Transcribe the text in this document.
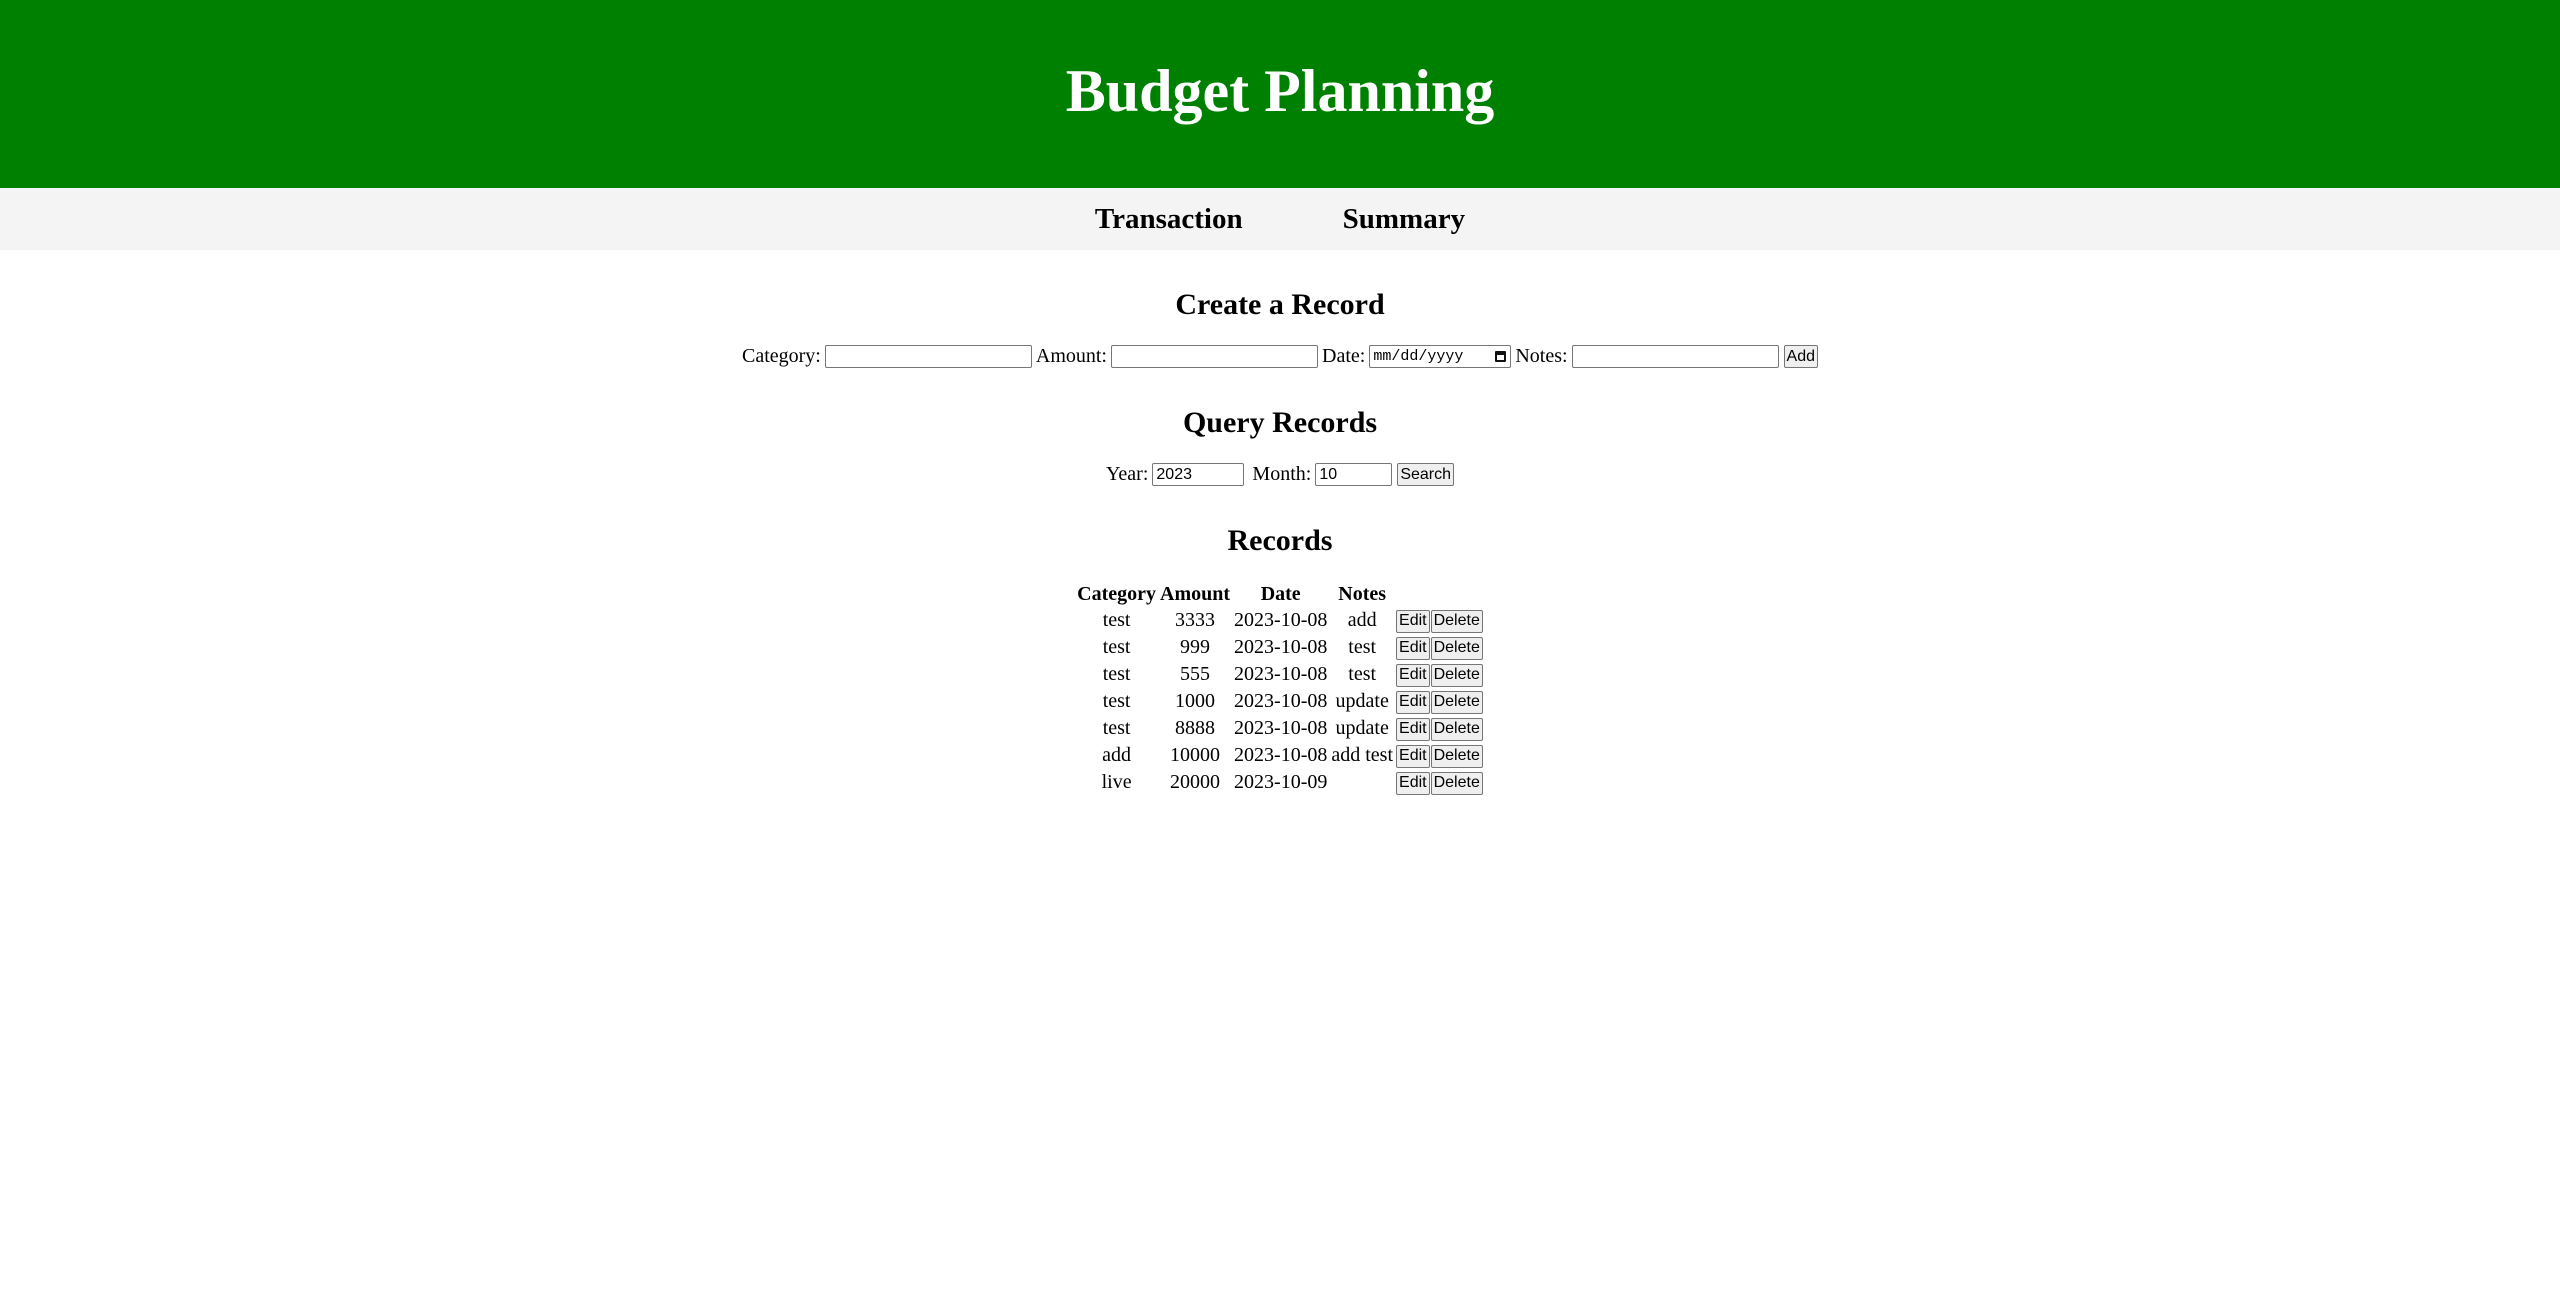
Budget Planning
Transaction	Summary
Create a Record
Category:	Amount:	Date: mm/dd/yyyy	Notes:	Add
Query Records
Year:
2023	Month:
10	Search
Records
Category	Amount	Date	Notes	
test	3333	2023-10-08	add	Edit Delete
test	999	2023-10-08	test	Edit Delete
test	555	2023-10-08	test	Edit Delete
test	1000	2023-10-08	update	Edit Delete
test	8888	2023-10-08	update	Edit Delete
add	10000	2023-10-08	add test	Edit Delete
live	20000	2023-10-09		Edit Delete
